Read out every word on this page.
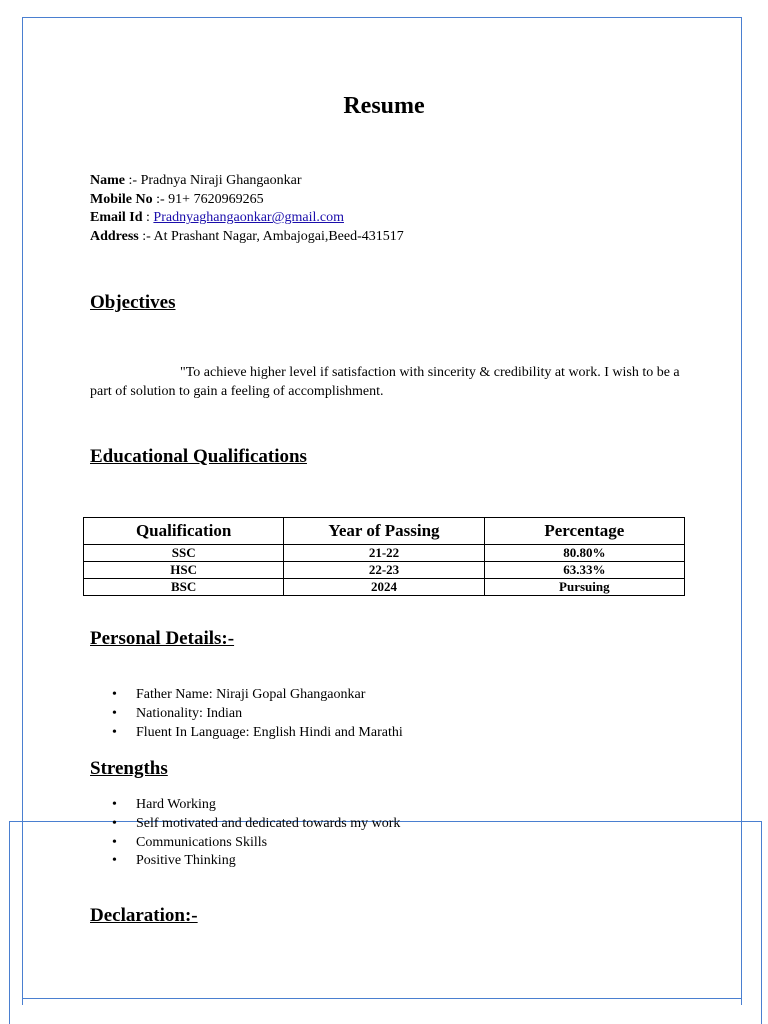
Resume
Name :- Pradnya Niraji Ghangaonkar
Mobile No :- 91+ 7620969265
Email Id : Pradnyaghangaonkar@gmail.com
Address :- At Prashant Nagar, Ambajogai,Beed-431517
Objectives
"To achieve higher level if satisfaction with sincerity & credibility at work. I wish to be a part of solution to gain a feeling of accomplishment.
Educational Qualifications
Qualification	Year of Passing	Percentage
SSC	21-22	80.80%
HSC	22-23	63.33%
BSC	2024	Pursuing
Personal Details:-
• Father Name: Niraji Gopal Ghangaonkar
• Nationality: Indian
• Fluent In Language: English Hindi and Marathi
Strengths
• Hard Working
• Self motivated and dedicated towards my work
• Communications Skills
• Positive Thinking
Declaration:-
